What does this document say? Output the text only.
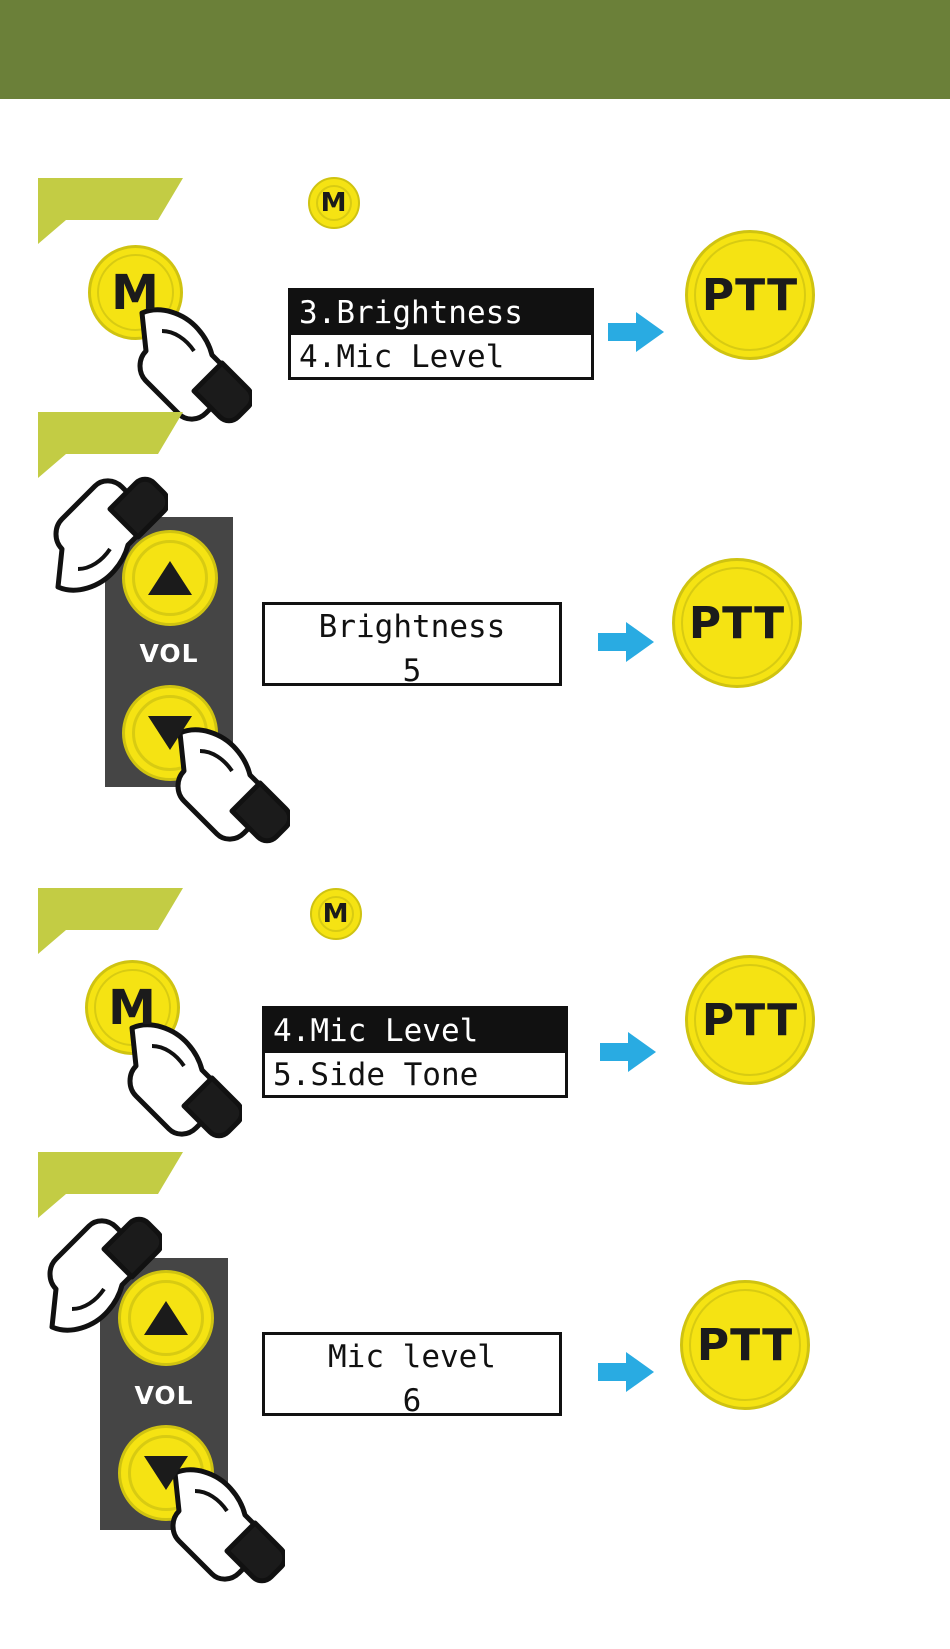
M
M	3.Brightness
4.Mic Level
PTT
VOL
Brightness
5
PTT
M
M	4.Mic Level
5.Side Tone
PTT
VOL
Mic level
6
PTT
